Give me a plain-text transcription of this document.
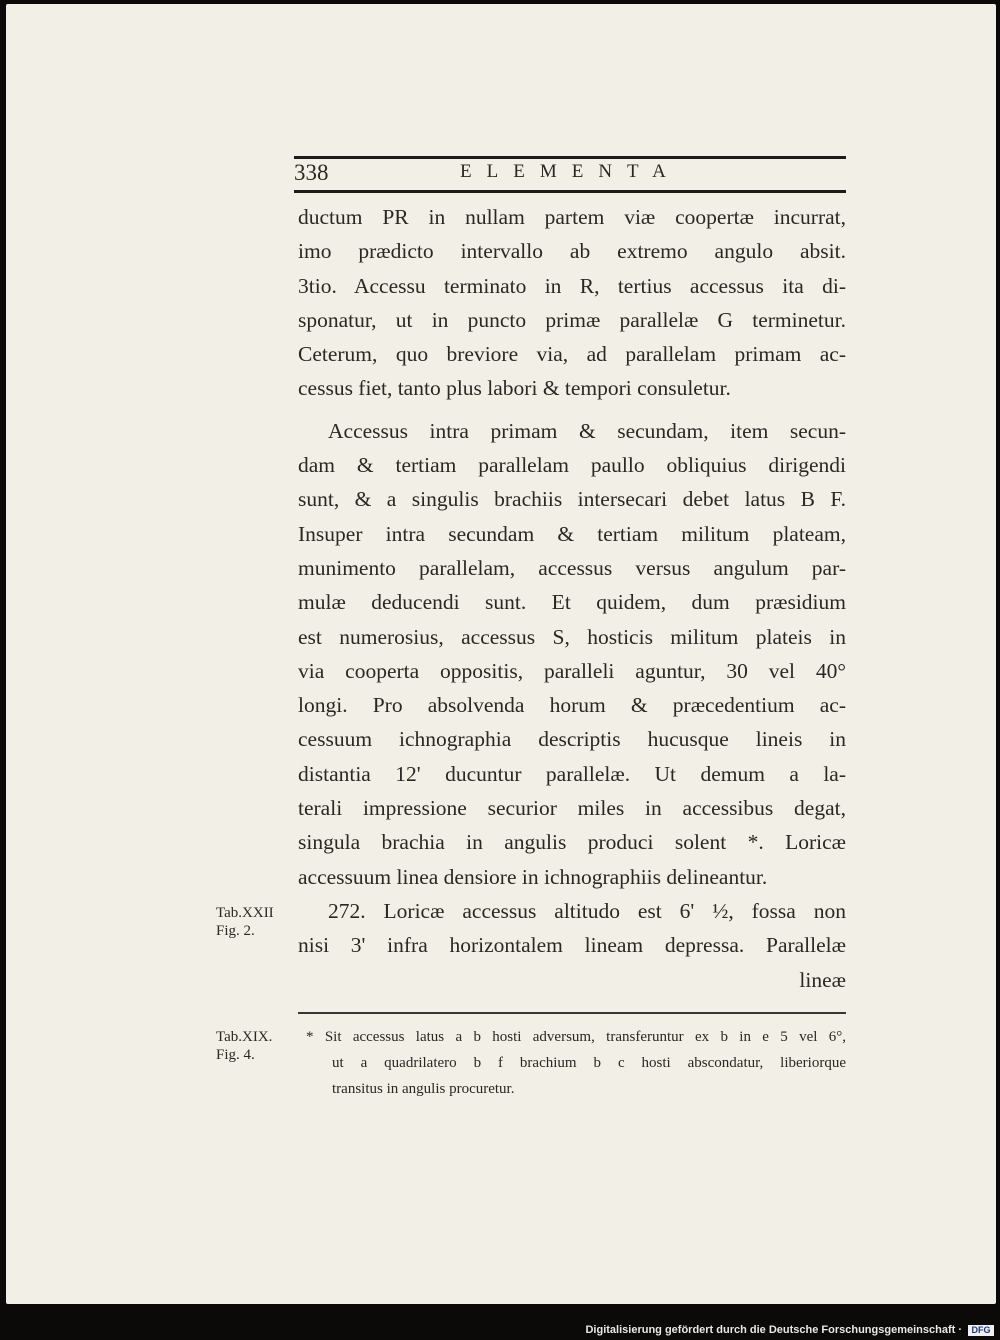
338	ELEMENTA
ductum PR in nullam partem viæ coopertæ incurrat,
imo prædicto intervallo ab extremo angulo absit.
3tio. Accessu terminato in R, tertius accessus ita di-
sponatur, ut in puncto primæ parallelæ G terminetur.
Ceterum, quo breviore via, ad parallelam primam ac-
cessus fiet, tanto plus labori & tempori consuletur.
Accessus intra primam & secundam, item secun-
dam & tertiam parallelam paullo obliquius dirigendi
sunt, & a singulis brachiis intersecari debet latus B F.
Insuper intra secundam & tertiam militum plateam,
munimento parallelam, accessus versus angulum par-
mulæ deducendi sunt. Et quidem, dum præsidium
est numerosius, accessus S, hosticis militum plateis in
via cooperta oppositis, paralleli aguntur, 30 vel 40°
longi. Pro absolvenda horum & præcedentium ac-
cessuum ichnographia descriptis hucusque lineis in
distantia 12' ducuntur parallelæ. Ut demum a la-
terali impressione securior miles in accessibus degat,
singula brachia in angulis produci solent *. Loricæ
accessuum linea densiore in ichnographiis delineantur.
272. Loricæ accessus altitudo est 6' ½, fossa non
nisi 3' infra horizontalem lineam depressa. Parallelæ
lineæ
Tab.XXII
Fig. 2.
Tab.XIX.
Fig. 4.
* Sit accessus latus a b hosti adversum, transferuntur ex b in e 5 vel 6°,
ut a quadrilatero b f brachium b c hosti abscondatur, liberiorque
transitus in angulis procuretur.
Digitalisierung gefördert durch die Deutsche Forschungsgemeinschaft ·	DFG
